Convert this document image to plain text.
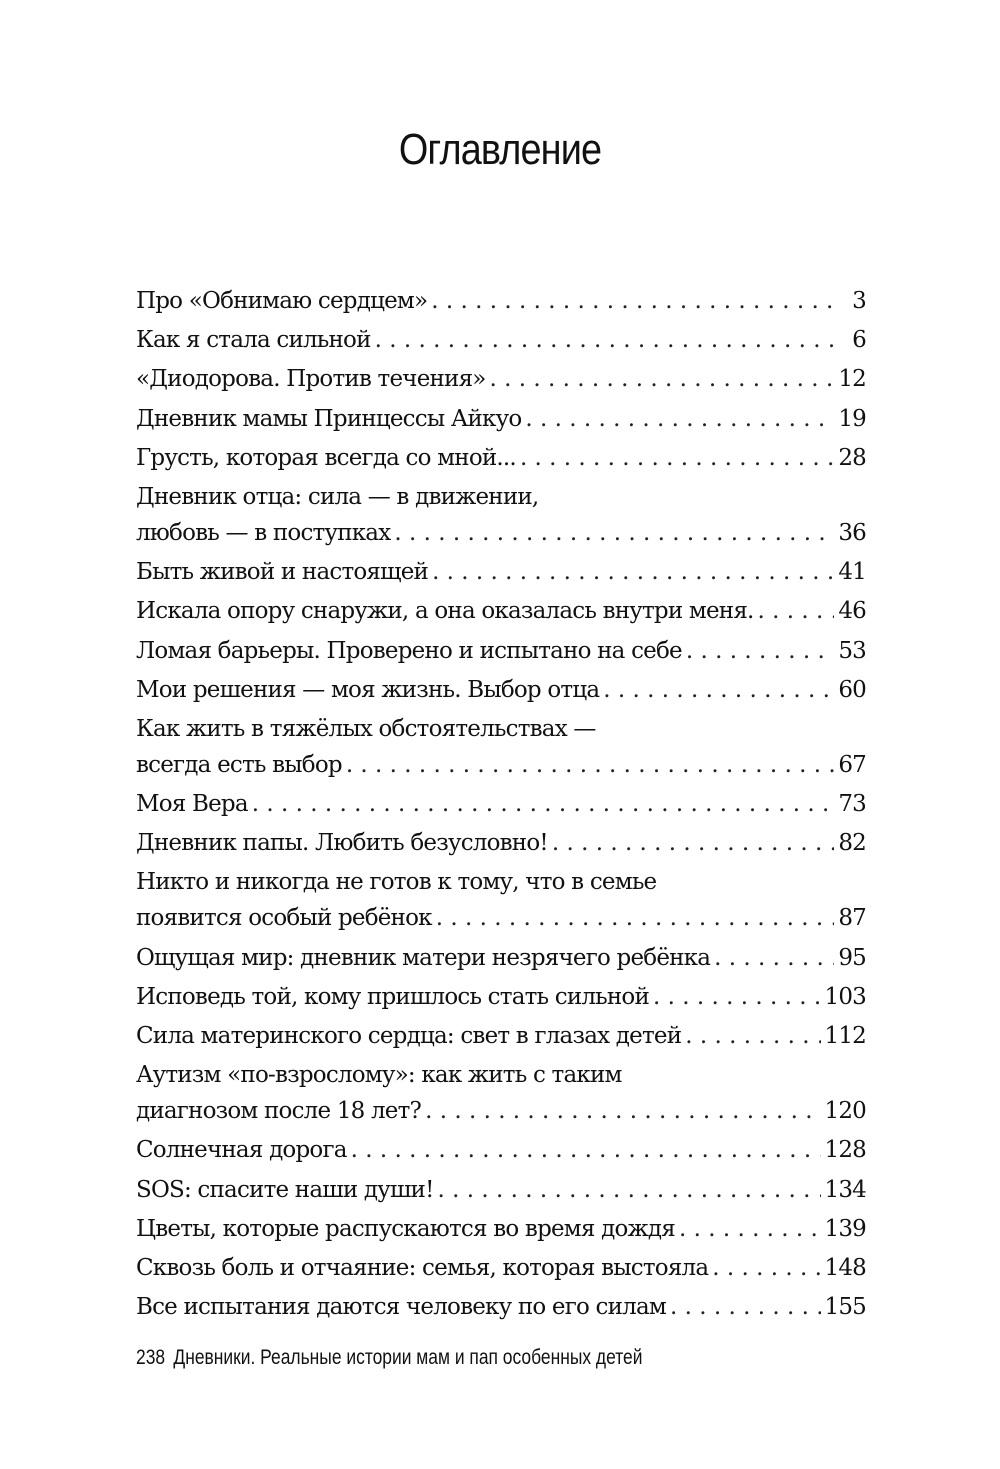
Оглавление
Про «Обнимаю сердцем» . . .	3
Как я стала сильной . . .	6
«Диодорова. Против течения» . . .	12
Дневник мамы Принцессы Айкуо . . .	19
Грусть, которая всегда со мной... . . .	28
Дневник отца: сила — в движении,
любовь — в поступках . . .	36
Быть живой и настоящей . . .	41
Искала опору снаружи, а она оказалась внутри меня. . . .	46
Ломая барьеры. Проверено и испытано на себе . . .	53
Мои решения — моя жизнь. Выбор отца . . .	60
Как жить в тяжёлых обстоятельствах —
всегда есть выбор . . .	67
Моя Вера . . .	73
Дневник папы. Любить безусловно! . . .	82
Никто и никогда не готов к тому, что в семье
появится особый ребёнок . . .	87
Ощущая мир: дневник матери незрячего ребёнка . . .	95
Исповедь той, кому пришлось стать сильной . . .	103
Сила материнского сердца: свет в глазах детей . . .	112
Аутизм «по-взрослому»: как жить с таким
диагнозом после 18 лет? . . .	120
Солнечная дорога . . .	128
SOS: спасите наши души! . . .	134
Цветы, которые распускаются во время дождя . . .	139
Сквозь боль и отчаяние: семья, которая выстояла . . .	148
Все испытания даются человеку по его силам . . .	155
238 Дневники. Реальные истории мам и пап особенных детей
